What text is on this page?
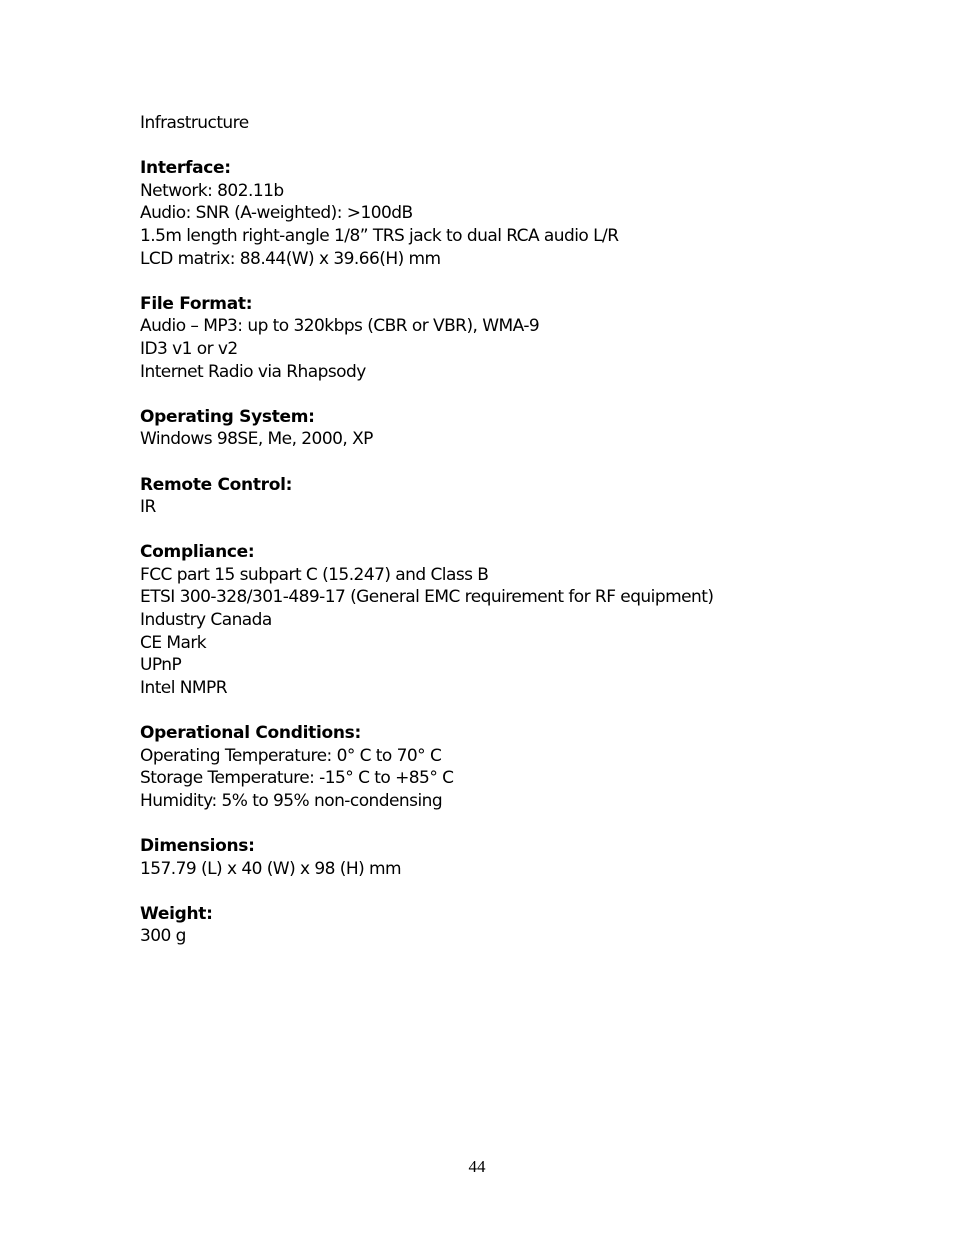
Infrastructure
Interface:
Network: 802.11b
Audio: SNR (A-weighted): >100dB
1.5m length right-angle 1/8” TRS jack to dual RCA audio L/R
LCD matrix: 88.44(W) x 39.66(H) mm
File Format:
Audio – MP3: up to 320kbps (CBR or VBR), WMA-9
ID3 v1 or v2
Internet Radio via Rhapsody
Operating System:
Windows 98SE, Me, 2000, XP
Remote Control:
IR
Compliance:
FCC part 15 subpart C (15.247) and Class B
ETSI 300-328/301-489-17 (General EMC requirement for RF equipment)
Industry Canada
CE Mark
UPnP
Intel NMPR
Operational Conditions:
Operating Temperature: 0° C to 70° C
Storage Temperature: -15° C to +85° C
Humidity: 5% to 95% non-condensing
Dimensions:
157.79 (L) x 40 (W) x 98 (H) mm
Weight:
300 g
44
